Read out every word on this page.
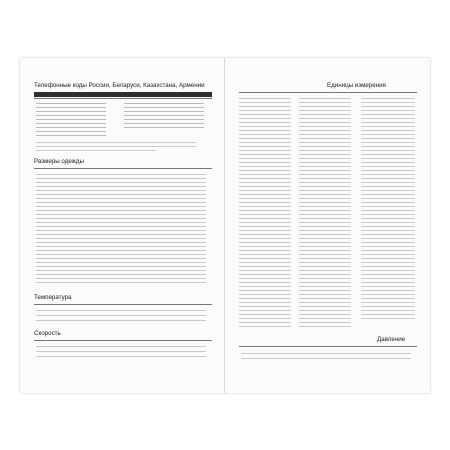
Телефонные коды России, Беларуси, Казахстана, Армении
Размеры одежды
Температура
Скорость
Единицы измерения
Давление
